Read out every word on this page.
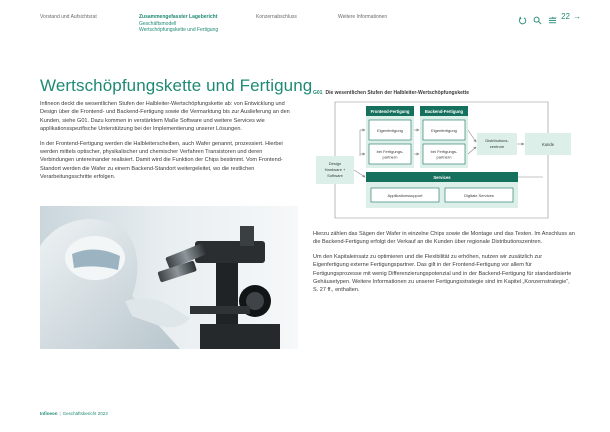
Vorstand und Aufsichtsrat	Zusammengefasster Lagebericht
Geschäftsmodell
Wertschöpfungskette und Fertigung
Konzernabschluss	Weitere Informationen	← 22 →
Wertschöpfungskette und Fertigung

Infineon deckt die wesentlichen Stufen der Halbleiter-Wertschöpfungskette ab: von Entwicklung und Design über die Frontend- und Backend-Fertigung sowie die Vermarktung bis zur Auslieferung an den Kunden, siehe G01. Dazu kommen in verstärktem Maße Software und weitere Services wie applikationsspezifische Unterstützung bei der Implementierung unserer Lösungen.

In der Frontend-Fertigung werden die Halbleiterscheiben, auch Wafer genannt, prozessiert. Hierbei werden mittels optischer, physikalischer und chemischer Verfahren Transistoren und deren Verbindungen untereinander realisiert. Damit wird die Funktion der Chips bestimmt. Vom Frontend-Standort werden die Wafer zu einem Backend-Standort weitergeleitet, wo die restlichen Verarbeitungsschritte erfolgen.

G01 Die wesentlichen Stufen der Halbleiter-Wertschöpfungskette
Frontend-Fertigung
Eigenfertigung
bei Fertigungs-
partnern
Backend-Fertigung
Eigenfertigung
bei Fertigungs-
partnern
Design
Hardware +
Software
Distributions-
zentrum	Kunde
Services
Applikationssupport	Digitale Services

Hierzu zählen das Sägen der Wafer in einzelne Chips sowie die Montage und das Testen. Im Anschluss an die Backend-Fertigung erfolgt der Verkauf an die Kunden über regionale Distributionszentren.

Um den Kapitaleinsatz zu optimieren und die Flexibilität zu erhöhen, nutzen wir zusätzlich zur Eigenfertigung externe Fertigungspartner. Das gilt in der Frontend-Fertigung vor allem für Fertigungsprozesse mit wenig Differenzierungspotenzial und in der Backend-Fertigung für standardisierte Gehäusetypen. Weitere Informationen zu unserer Fertigungsstrategie sind im Kapitel „Konzernstrategie“, S. 27 ff., enthalten.

Infineon | Geschäftsbericht 2023
